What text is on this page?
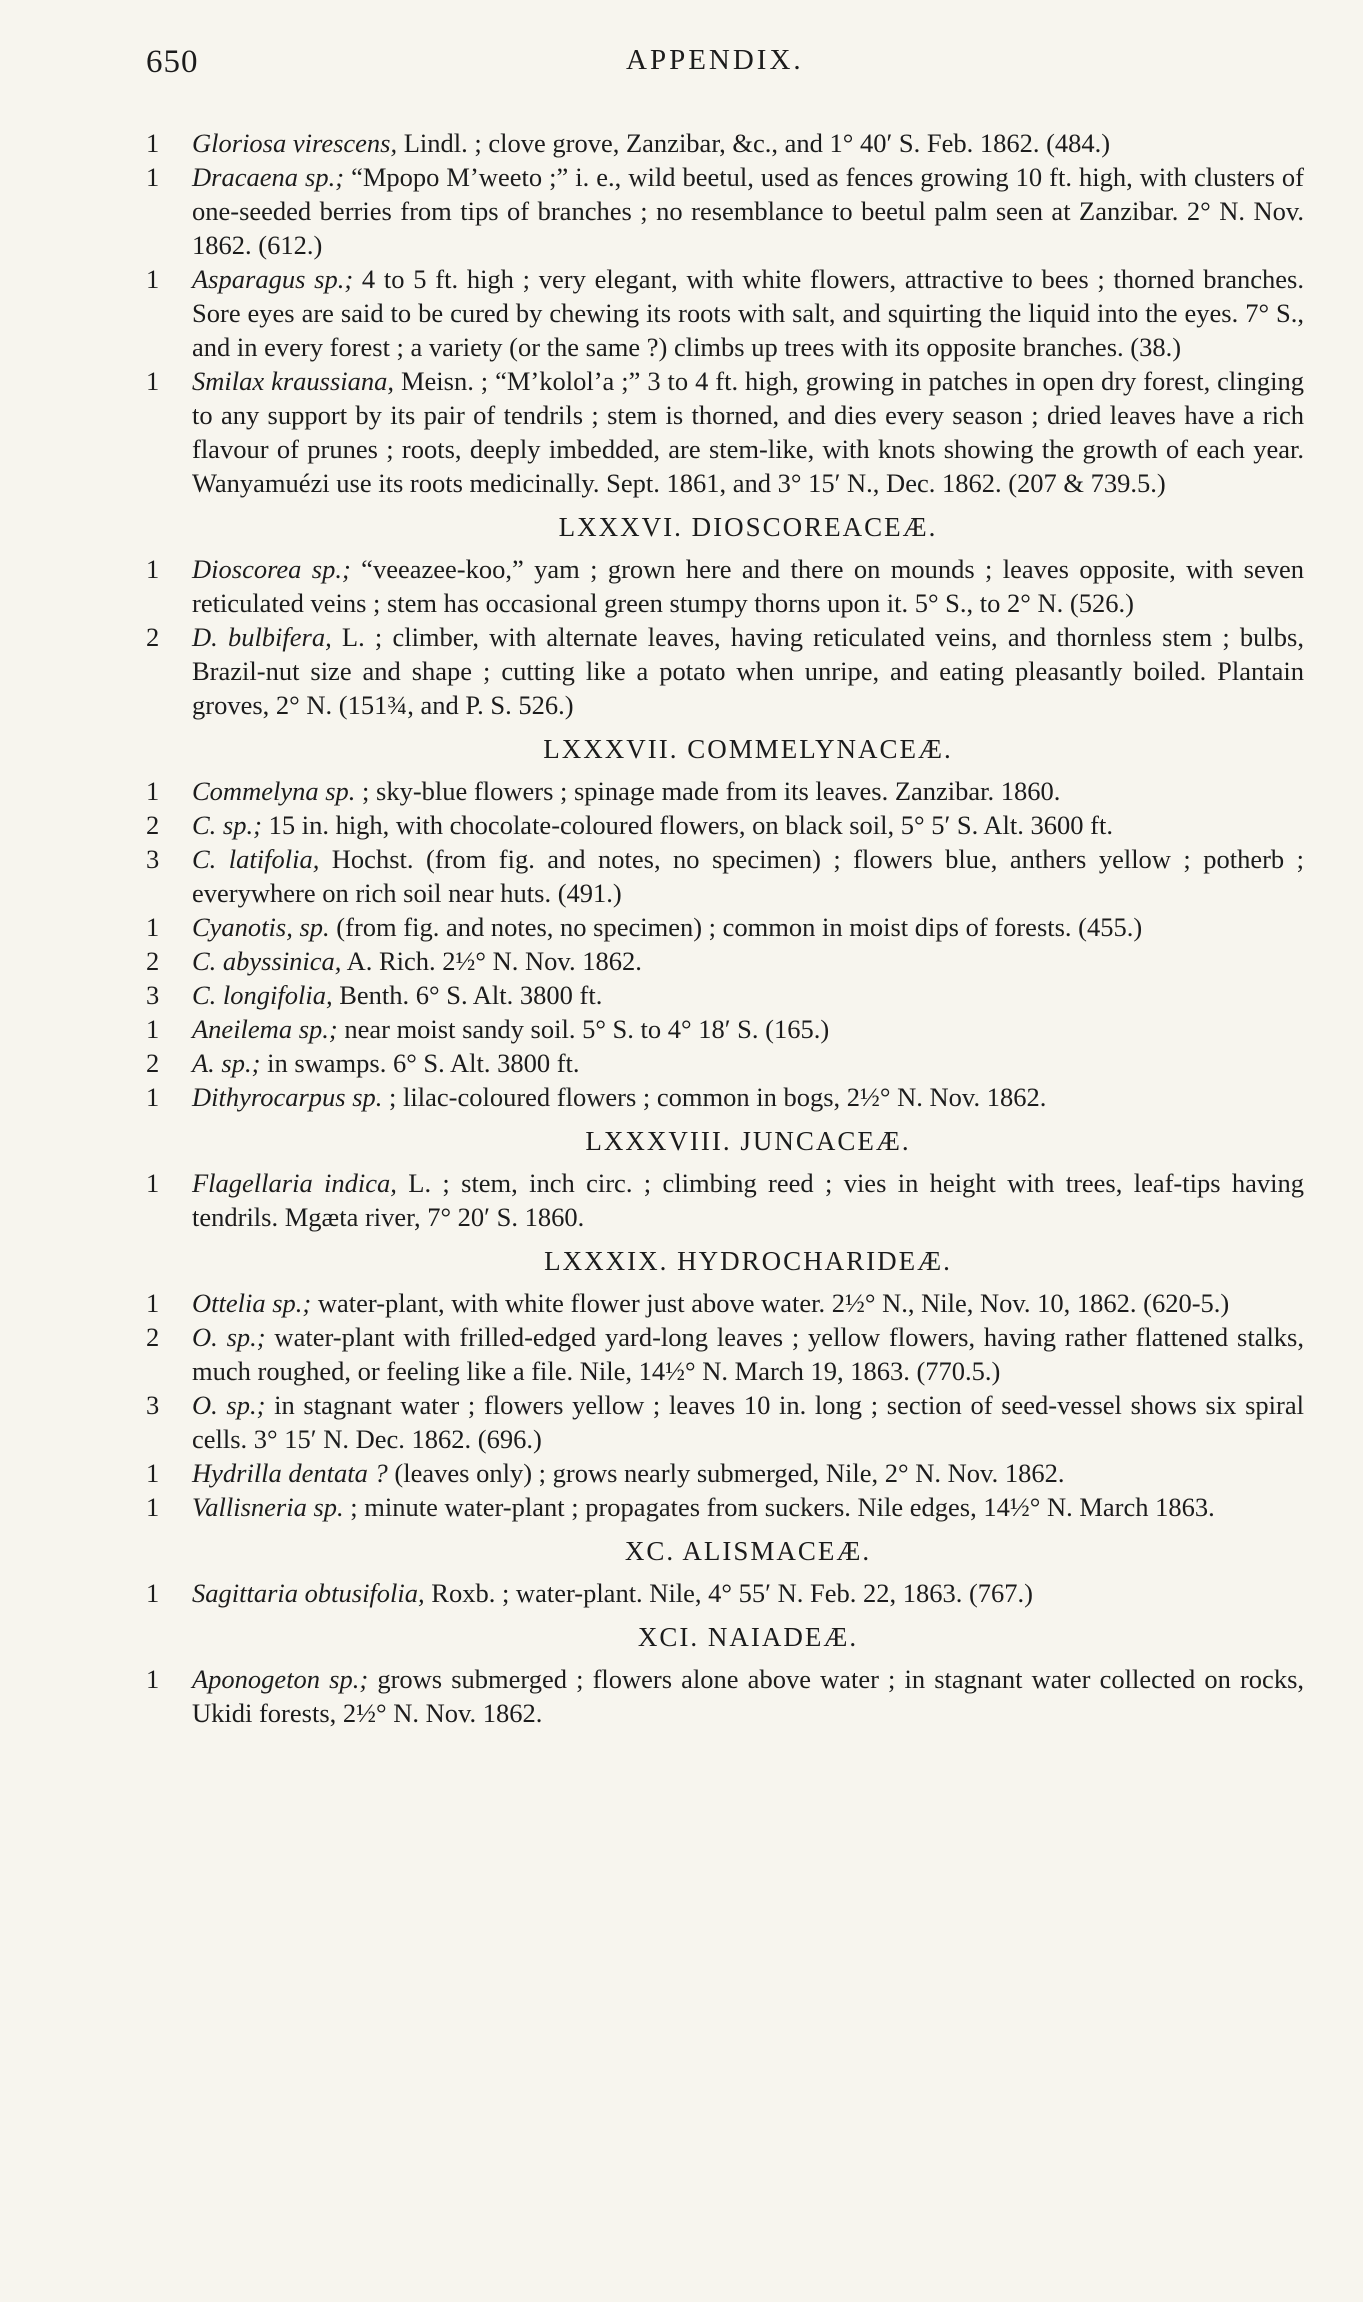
650	APPENDIX.
1 Gloriosa virescens, Lindl. ; clove grove, Zanzibar, &c., and 1° 40′ S. Feb. 1862. (484.)
1 Dracaena sp.; “Mpopo M’weeto ;” i. e., wild beetul, used as fences growing 10 ft. high, with clusters of one-seeded berries from tips of branches ; no resemblance to beetul palm seen at Zanzibar. 2° N. Nov. 1862. (612.)
1 Asparagus sp.; 4 to 5 ft. high ; very elegant, with white flowers, attractive to bees ; thorned branches. Sore eyes are said to be cured by chewing its roots with salt, and squirting the liquid into the eyes. 7° S., and in every forest ; a variety (or the same ?) climbs up trees with its opposite branches. (38.)
1 Smilax kraussiana, Meisn. ; “M’kolol’a ;” 3 to 4 ft. high, growing in patches in open dry forest, clinging to any support by its pair of tendrils ; stem is thorned, and dies every season ; dried leaves have a rich flavour of prunes ; roots, deeply imbedded, are stem-like, with knots showing the growth of each year. Wanyamuézi use its roots medicinally. Sept. 1861, and 3° 15′ N., Dec. 1862. (207 & 739.5.)
LXXXVI. DIOSCOREACEÆ.
1 Dioscorea sp.; “veeazee-koo,” yam ; grown here and there on mounds ; leaves opposite, with seven reticulated veins ; stem has occasional green stumpy thorns upon it. 5° S., to 2° N. (526.)
2 D. bulbifera, L. ; climber, with alternate leaves, having reticulated veins, and thornless stem ; bulbs, Brazil-nut size and shape ; cutting like a potato when unripe, and eating pleasantly boiled. Plantain groves, 2° N. (151¾, and P. S. 526.)
LXXXVII. COMMELYNACEÆ.
1 Commelyna sp. ; sky-blue flowers ; spinage made from its leaves. Zanzibar. 1860.
2 C. sp.; 15 in. high, with chocolate-coloured flowers, on black soil, 5° 5′ S. Alt. 3600 ft.
3 C. latifolia, Hochst. (from fig. and notes, no specimen) ; flowers blue, anthers yellow ; potherb ; everywhere on rich soil near huts. (491.)
1 Cyanotis, sp. (from fig. and notes, no specimen) ; common in moist dips of forests. (455.)
2 C. abyssinica, A. Rich. 2½° N. Nov. 1862.
3 C. longifolia, Benth. 6° S. Alt. 3800 ft.
1 Aneilema sp.; near moist sandy soil. 5° S. to 4° 18′ S. (165.)
2 A. sp.; in swamps. 6° S. Alt. 3800 ft.
1 Dithyrocarpus sp. ; lilac-coloured flowers ; common in bogs, 2½° N. Nov. 1862.
LXXXVIII. JUNCACEÆ.
1 Flagellaria indica, L. ; stem, inch circ. ; climbing reed ; vies in height with trees, leaf-tips having tendrils. Mgæta river, 7° 20′ S. 1860.
LXXXIX. HYDROCHARIDEÆ.
1 Ottelia sp.; water-plant, with white flower just above water. 2½° N., Nile, Nov. 10, 1862. (620-5.)
2 O. sp.; water-plant with frilled-edged yard-long leaves ; yellow flowers, having rather flattened stalks, much roughed, or feeling like a file. Nile, 14½° N. March 19, 1863. (770.5.)
3 O. sp.; in stagnant water ; flowers yellow ; leaves 10 in. long ; section of seed-vessel shows six spiral cells. 3° 15′ N. Dec. 1862. (696.)
1 Hydrilla dentata ? (leaves only) ; grows nearly submerged, Nile, 2° N. Nov. 1862.
1 Vallisneria sp. ; minute water-plant ; propagates from suckers. Nile edges, 14½° N. March 1863.
XC. ALISMACEÆ.
1 Sagittaria obtusifolia, Roxb. ; water-plant. Nile, 4° 55′ N. Feb. 22, 1863. (767.)
XCI. NAIADEÆ.
1 Aponogeton sp.; grows submerged ; flowers alone above water ; in stagnant water collected on rocks, Ukidi forests, 2½° N. Nov. 1862.
